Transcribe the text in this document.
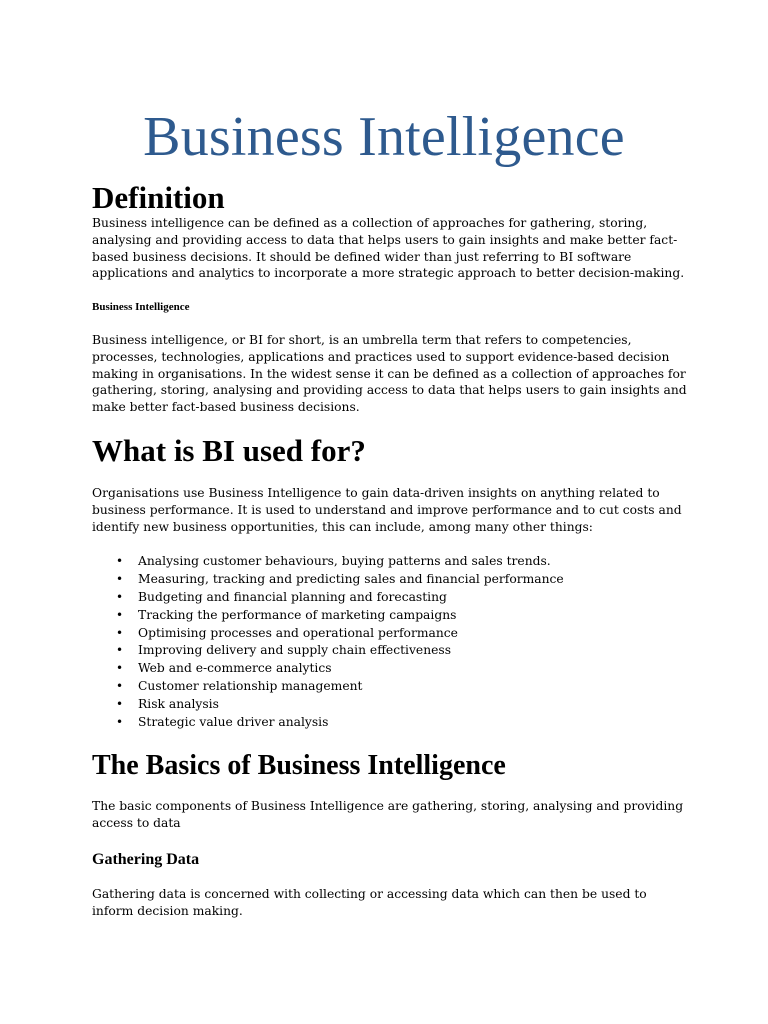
Business Intelligence
Definition

Business intelligence can be defined as a collection of approaches for gathering, storing,
analysing and providing access to data that helps users to gain insights and make better fact-
based business decisions. It should be defined wider than just referring to BI software
applications and analytics to incorporate a more strategic approach to better decision-making.

Business Intelligence

Business intelligence, or BI for short, is an umbrella term that refers to competencies,
processes, technologies, applications and practices used to support evidence-based decision
making in organisations. In the widest sense it can be defined as a collection of approaches for
gathering, storing, analysing and providing access to data that helps users to gain insights and
make better fact-based business decisions.

What is BI used for?

Organisations use Business Intelligence to gain data-driven insights on anything related to
business performance. It is used to understand and improve performance and to cut costs and
identify new business opportunities, this can include, among many other things:

• Analysing customer behaviours, buying patterns and sales trends.
• Measuring, tracking and predicting sales and financial performance
• Budgeting and financial planning and forecasting
• Tracking the performance of marketing campaigns
• Optimising processes and operational performance
• Improving delivery and supply chain effectiveness
• Web and e-commerce analytics
• Customer relationship management
• Risk analysis
• Strategic value driver analysis
The Basics of Business Intelligence

The basic components of Business Intelligence are gathering, storing, analysing and providing
access to data

Gathering Data

Gathering data is concerned with collecting or accessing data which can then be used to
inform decision making.
